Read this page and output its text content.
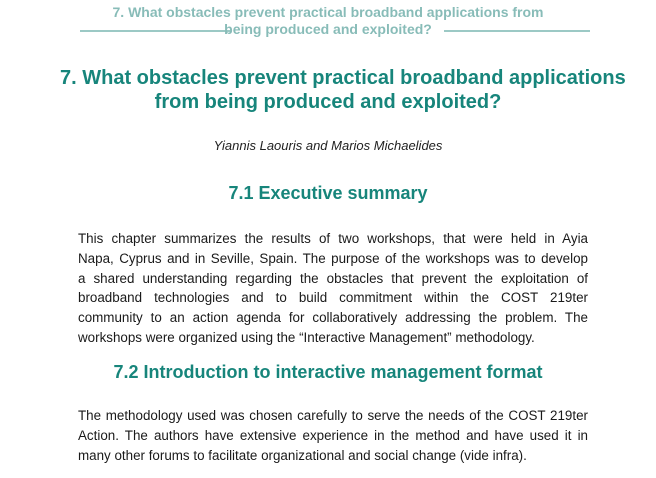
7. What obstacles prevent practical broadband applications from
being produced and exploited?
7. What obstacles prevent practical broadband applications
from being produced and exploited?
Yiannis Laouris and Marios Michaelides
7.1 Executive summary
This chapter summarizes the results of two workshops, that were held in Ayia
Napa, Cyprus and in Seville, Spain. The purpose of the workshops was to develop
a shared understanding regarding the obstacles that prevent the exploitation of
broadband technologies and to build commitment within the COST 219ter
community to an action agenda for collaboratively addressing the problem. The
workshops were organized using the “Interactive Management” methodology.
7.2 Introduction to interactive management format
The methodology used was chosen carefully to serve the needs of the COST 219ter
Action. The authors have extensive experience in the method and have used it in
many other forums to facilitate organizational and social change (vide infra).
